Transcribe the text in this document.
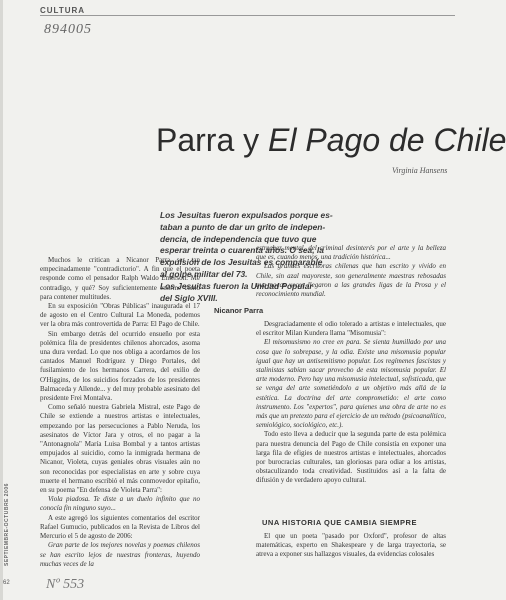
CULTURA
894005
Parra y El Pago de Chile
Virginia Hansens

Los Jesuitas fueron expulsados porque es-

taban a punto de dar un grito de indepen-

dencia, de independencia que tuvo que

esperar treinta o cuarenta años. O sea, la

expulsión de los Jesuitas es comparable

al golpe militar del 73.

Los Jesuitas fueron la Unidad Popular

del Siglo XVIII.

Nicanor Parra

Muchos le critican a Nicanor Parra ser tan empecinadamente "contradictorio". A fin que el poeta responde como el pensador Ralph Waldo Emerson: Me contradigo, y qué? Soy suficientemente enorme como para contener multitudes.

En su exposición "Obras Públicas" inaugurada el 17 de agosto en el Centro Cultural La Moneda, podemos ver la obra más controvertida de Parra: El Pago de Chile.

Sin embargo detrás del ocurrido ensueño por esta polémica fila de presidentes chilenos ahorcados, asoma una dura verdad. Lo que nos obliga a acordarnos de los cantados Manuel Rodríguez y Diego Portales, del fusilamiento de los hermanos Carrera, del exilio de O'Higgins, de los suicidios forzados de los presidentes Balmaceda y Allende... y del muy probable asesinato del presidente Frei Montalva.

Como señaló nuestra Gabriela Mistral, este Pago de Chile se extiende a nuestros artistas e intelectuales, empezando por las persecuciones a Pablo Neruda, los asesinatos de Víctor Jara y otros, el no pagar a la "Antonagnola" María Luisa Bombal y a tantos artistas empujados al suicidio, como la inmigrada hermana de Nicanor, Violeta, cuyas geniales obras visuales aún no son reconocidas por especialistas en arte y sobre cuya muerte el hermano escribió el más conmovedor epitafio, en su poema "En defensa de Violeta Parra":

Viola piadosa. Te diste a un duelo infinito que no conocía fin ninguno suyo...

A este agregó los siguientes comentarios del escritor Rafael Gumucio, publicados en la Revista de Libros del Mercurio el 5 de agosto de 2006:

Gran parte de los mejores novelas y poemas chilenos se han escrito lejos de nuestras fronteras, huyendo muchas veces de la

estrechez mental, del criminal desinterés por el arte y la belleza que es, cuando menos, una tradición histórica...

Las grandes escritoras chilenas que han escrito y vivido en Chile, sin azal mayoreste, son generalmente maestras rebosadas que pocas veces llegaron a las grandes ligas de la Prosa y el reconocimiento mundial.

Desgraciadamente el odio tolerado a artistas e intelectuales, que el escritor Milan Kundera llama "Misomusia":

El misomusismo no cree en para. Se sienta humillado por una cosa que lo sobrepase, y la odia. Existe una misomusia popular igual que hay un antisemitismo popular. Los regímenes fascistas y stalinistas sabían sacar provecho de esta misomusia popular. El arte moderno. Pero hay una misomusia intelectual, sofisticada, que se venga del arte sometiéndolo a un objetivo más allá de la estética. La doctrina del arte comprometido: el arte como instrumento. Los "expertos", para quienes una obra de arte no es más que un pretexto para el ejercicio de un método (psicoanalítico, semiológico, sociológico, etc.).

Todo esto lleva a deducir que la segunda parte de esta polémica para nuestra denuncia del Pago de Chile consistía en exponer una larga fila de efigies de nuestros artistas e intelectuales, ahorcados por burocracias culturales, tan gloriosas para odiar a los artistas, obstaculizando toda creatividad. Sustituidos así a la falta de difusión y de verdadero apoyo cultural.

UNA HISTORIA QUE CAMBIA SIEMPRE

El que un poeta "pasado por Oxford", profesor de altas matemáticas, experto en Shakespeare y de larga trayectoria, se atreva a exponer sus hallazgos visuales, da evidencias colosales

SEPTIEMBRE-OCTUBRE 2006
62	Nº 553
